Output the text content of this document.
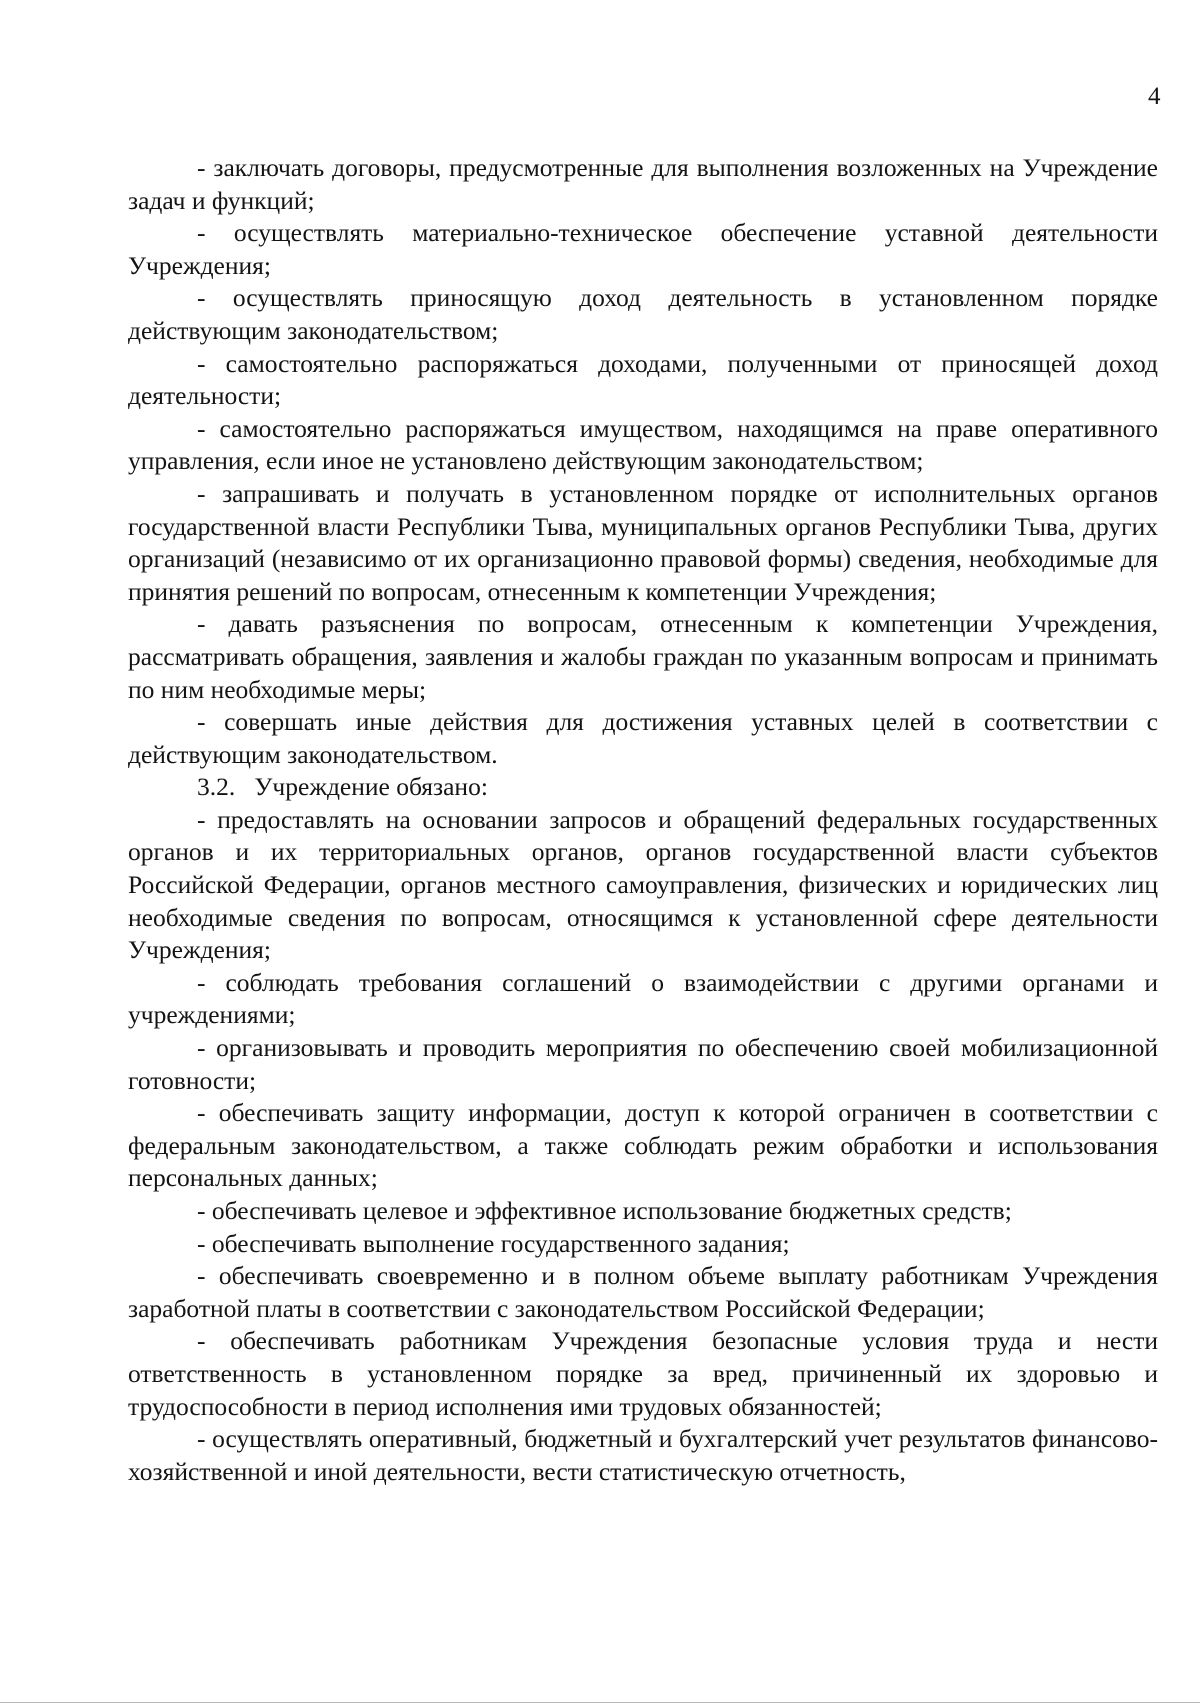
4

- заключать договоры, предусмотренные для выполнения возложенных на Учреждение задач и функций;

- осуществлять материально-техническое обеспечение уставной деятельности Учреждения;

- осуществлять приносящую доход деятельность в установленном порядке действующим законодательством;

- самостоятельно распоряжаться доходами, полученными от приносящей доход деятельности;

- самостоятельно распоряжаться имуществом, находящимся на праве оперативного управления, если иное не установлено действующим законодательством;

- запрашивать и получать в установленном порядке от исполнительных органов государственной власти Республики Тыва, муниципальных органов Республики Тыва, других организаций (независимо от их организационно правовой формы) сведения, необходимые для принятия решений по вопросам, отнесенным к компетенции Учреждения;

- давать разъяснения по вопросам, отнесенным к компетенции Учреждения, рассматривать обращения, заявления и жалобы граждан по указанным вопросам и принимать по ним необходимые меры;

- совершать иные действия для достижения уставных целей в соответствии с действующим законодательством.

3.2.   Учреждение обязано:

- предоставлять на основании запросов и обращений федеральных государственных органов и их территориальных органов, органов государственной власти субъектов Российской Федерации, органов местного самоуправления, физических и юридических лиц необходимые сведения по вопросам, относящимся к установленной сфере деятельности Учреждения;

- соблюдать требования соглашений о взаимодействии с другими органами и учреждениями;

- организовывать и проводить мероприятия по обеспечению своей мобилизационной готовности;

- обеспечивать защиту информации, доступ к которой ограничен в соответствии с федеральным законодательством, а также соблюдать режим обработки и использования персональных данных;

- обеспечивать целевое и эффективное использование бюджетных средств;

- обеспечивать выполнение государственного задания;

- обеспечивать своевременно и в полном объеме выплату работникам Учреждения заработной платы в соответствии с законодательством Российской Федерации;

- обеспечивать работникам Учреждения безопасные условия труда и нести ответственность в установленном порядке за вред, причиненный их здоровью и трудоспособности в период исполнения ими трудовых обязанностей;

- осуществлять оперативный, бюджетный и бухгалтерский учет результатов финансово-хозяйственной и иной деятельности, вести статистическую отчетность,
